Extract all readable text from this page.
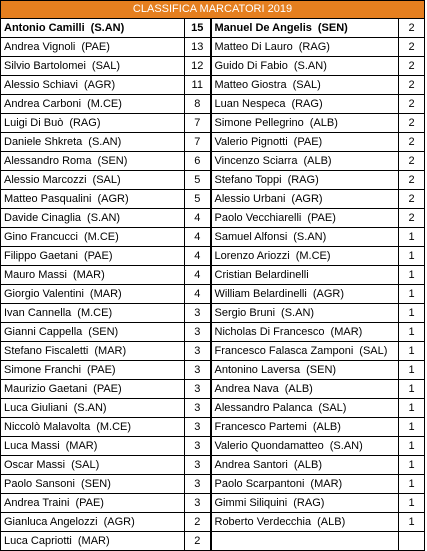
CLASSIFICA MARCATORI 2019			
Antonio Camilli (S.AN)	15	Manuel De Angelis (SEN)	2
Andrea Vignoli (PAE)	13	Matteo Di Lauro (RAG)	2
Silvio Bartolomei (SAL)	12	Guido Di Fabio (S.AN)	2
Alessio Schiavi (AGR)	11	Matteo Giostra (SAL)	2
Andrea Carboni (M.CE)	8	Luan Nespeca (RAG)	2
Luigi Di Buò (RAG)	7	Simone Pellegrino (ALB)	2
Daniele Shkreta (S.AN)	7	Valerio Pignotti (PAE)	2
Alessandro Roma (SEN)	6	Vincenzo Sciarra (ALB)	2
Alessio Marcozzi (SAL)	5	Stefano Toppi (RAG)	2
Matteo Pasqualini (AGR)	5	Alessio Urbani (AGR)	2
Davide Cinaglia (S.AN)	4	Paolo Vecchiarelli (PAE)	2
Gino Francucci (M.CE)	4	Samuel Alfonsi (S.AN)	1
Filippo Gaetani (PAE)	4	Lorenzo Ariozzi (M.CE)	1
Mauro Massi (MAR)	4	Cristian Belardinelli	1
Giorgio Valentini (MAR)	4	William Belardinelli (AGR)	1
Ivan Cannella (M.CE)	3	Sergio Bruni (S.AN)	1
Gianni Cappella (SEN)	3	Nicholas Di Francesco (MAR)	1
Stefano Fiscaletti (MAR)	3	Francesco Falasca Zamponi (SAL)	1
Simone Franchi (PAE)	3	Antonino Laversa (SEN)	1
Maurizio Gaetani (PAE)	3	Andrea Nava (ALB)	1
Luca Giuliani (S.AN)	3	Alessandro Palanca (SAL)	1
Niccolò Malavolta (M.CE)	3	Francesco Partemi (ALB)	1
Luca Massi (MAR)	3	Valerio Quondamatteo (S.AN)	1
Oscar Massi (SAL)	3	Andrea Santori (ALB)	1
Paolo Sansoni (SEN)	3	Paolo Scarpantoni (MAR)	1
Andrea Traini (PAE)	3	Gimmi Siliquini (RAG)	1
Gianluca Angelozzi (AGR)	2	Roberto Verdecchia (ALB)	1
Luca Capriotti (MAR)	2		
